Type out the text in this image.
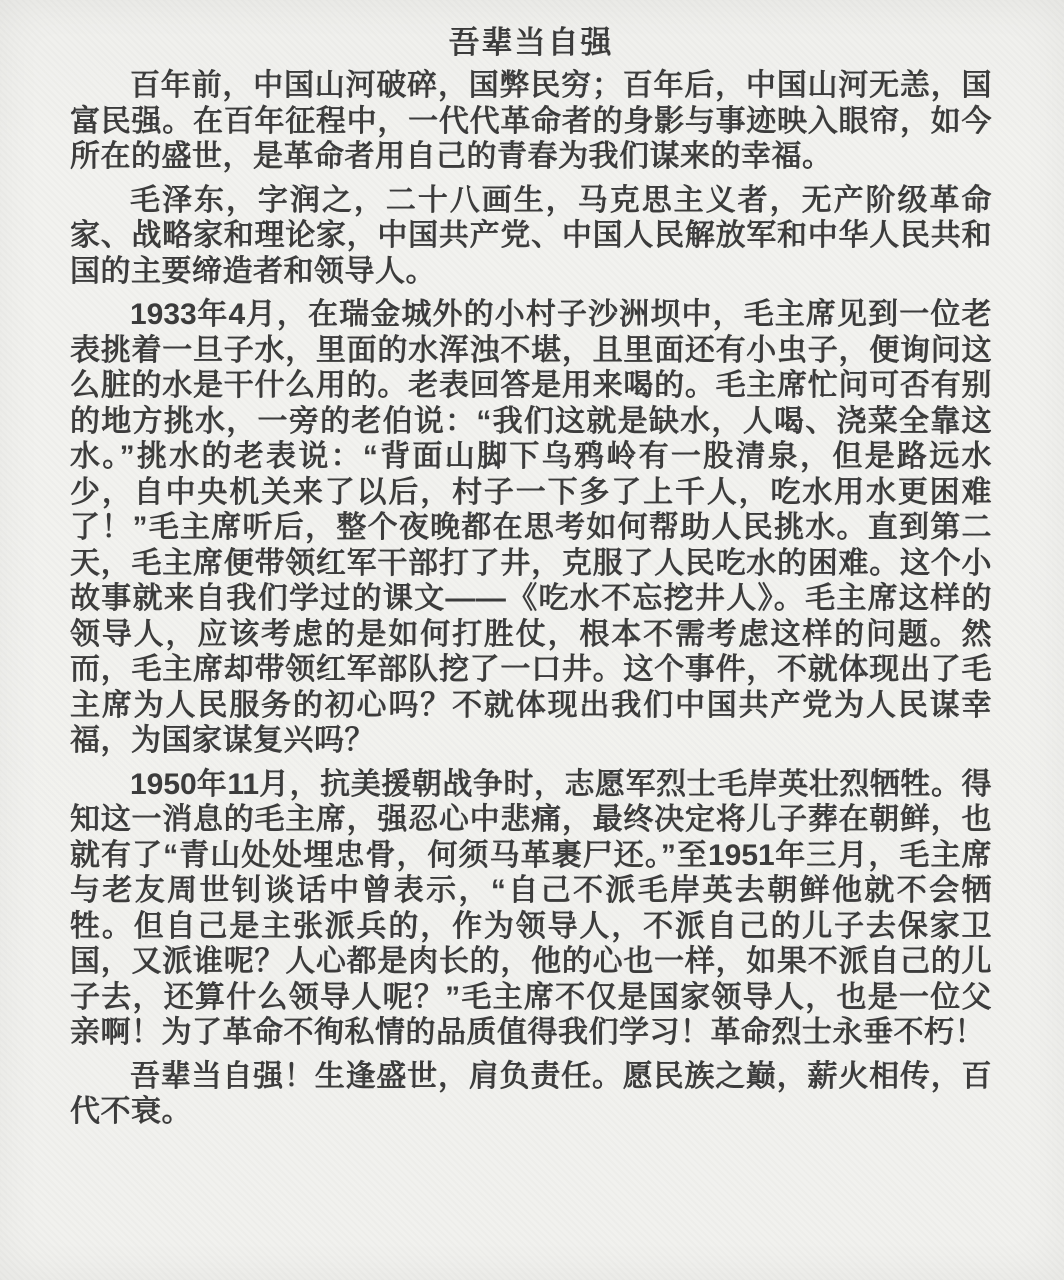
吾辈当自强

百年前，中国山河破碎，国弊民穷；百年后，中国山河无恙，国富民强。在百年征程中，一代代革命者的身影与事迹映入眼帘，如今所在的盛世，是革命者用自己的青春为我们谋来的幸福。

毛泽东，字润之，二十八画生，马克思主义者，无产阶级革命家、战略家和理论家，中国共产党、中国人民解放军和中华人民共和国的主要缔造者和领导人。

1933年4月，在瑞金城外的小村子沙洲坝中，毛主席见到一位老表挑着一旦子水，里面的水浑浊不堪，且里面还有小虫子，便询问这么脏的水是干什么用的。老表回答是用来喝的。毛主席忙问可否有别的地方挑水，一旁的老伯说：“我们这就是缺水，人喝、浇菜全靠这水。”挑水的老表说：“背面山脚下乌鸦岭有一股清泉，但是路远水少，自中央机关来了以后，村子一下多了上千人，吃水用水更困难了！”毛主席听后，整个夜晚都在思考如何帮助人民挑水。直到第二天，毛主席便带领红军干部打了井，克服了人民吃水的困难。这个小故事就来自我们学过的课文——《吃水不忘挖井人》。毛主席这样的领导人，应该考虑的是如何打胜仗，根本不需考虑这样的问题。然而，毛主席却带领红军部队挖了一口井。这个事件，不就体现出了毛主席为人民服务的初心吗？不就体现出我们中国共产党为人民谋幸福，为国家谋复兴吗？

1950年11月，抗美援朝战争时，志愿军烈士毛岸英壮烈牺牲。得知这一消息的毛主席，强忍心中悲痛，最终决定将儿子葬在朝鲜，也就有了“青山处处埋忠骨，何须马革裹尸还。”至1951年三月，毛主席与老友周世钊谈话中曾表示，“自己不派毛岸英去朝鲜他就不会牺牲。但自己是主张派兵的，作为领导人，不派自己的儿子去保家卫国，又派谁呢？人心都是肉长的，他的心也一样，如果不派自己的儿子去，还算什么领导人呢？”毛主席不仅是国家领导人，也是一位父亲啊！为了革命不徇私情的品质值得我们学习！革命烈士永垂不朽！

吾辈当自强！生逢盛世，肩负责任。愿民族之巅，薪火相传，百代不衰。
